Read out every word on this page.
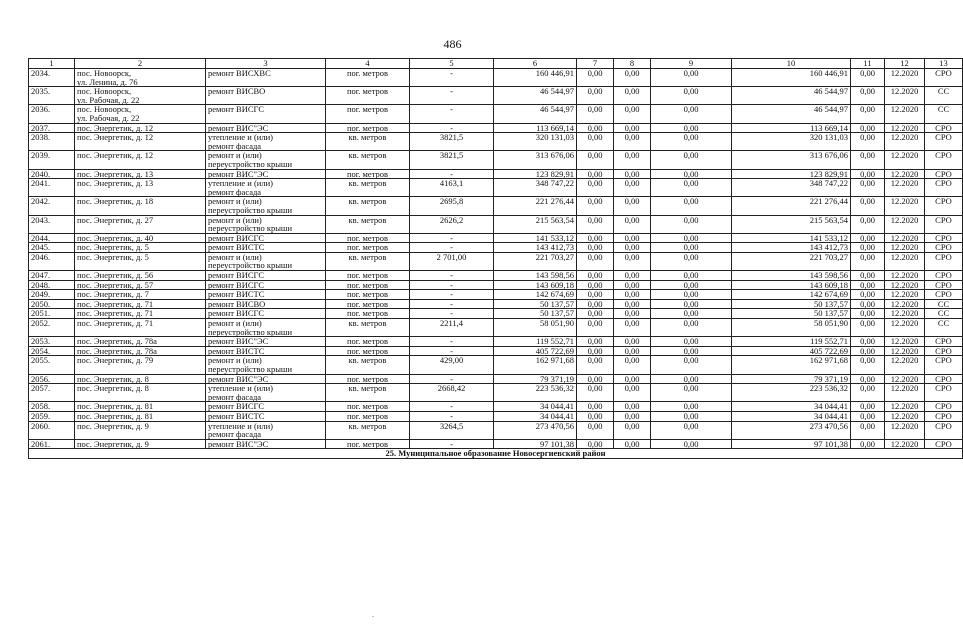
486
1	2	3	4	5	6	7	8	9	10	11	12	13
2034.	пос. Новоорск,
ул. Ленина, д. 76	ремонт ВИСХВС	пог. метров	-	160 446,91	0,00	0,00	0,00	160 446,91	0,00	12.2020	СРО
2035.	пос. Новоорск,
ул. Рабочая, д. 22	ремонт ВИСВО	пог. метров	-	46 544,97	0,00	0,00	0,00	46 544,97	0,00	12.2020	СС
2036.	пос. Новоорск,
ул. Рабочая, д. 22	ремонт ВИСГС	пог. метров	-	46 544,97	0,00	0,00	0,00	46 544,97	0,00	12.2020	СС
2037.	пос. Энергетик, д. 12	ремонт ВИС"ЭС	пог. метров	-	113 669,14	0,00	0,00	0,00	113 669,14	0,00	12.2020	СРО
2038.	пос. Энергетик, д. 12	утепление и (или)
ремонт фасада	кв. метров	3821,5	320 131,03	0,00	0,00	0,00	320 131,03	0,00	12.2020	СРО
2039.	пос. Энергетик, д. 12	ремонт и (или)
переустройство крыши	кв. метров	3821,5	313 676,06	0,00	0,00	0,00	313 676,06	0,00	12.2020	СРО
2040.	пос. Энергетик, д. 13	ремонт ВИС"ЭС	пог. метров	-	123 829,91	0,00	0,00	0,00	123 829,91	0,00	12.2020	СРО
2041.	пос. Энергетик, д. 13	утепление и (или)
ремонт фасада	кв. метров	4163,1	348 747,22	0,00	0,00	0,00	348 747,22	0,00	12.2020	СРО
2042.	пос. Энергетик, д. 18	ремонт и (или)
переустройство крыши	кв. метров	2695,8	221 276,44	0,00	0,00	0,00	221 276,44	0,00	12.2020	СРО
2043.	пос. Энергетик, д. 27	ремонт и (или)
переустройство крыши	кв. метров	2626,2	215 563,54	0,00	0,00	0,00	215 563,54	0,00	12.2020	СРО
2044.	пос. Энергетик, д. 40	ремонт ВИСГС	пог. метров	-	141 533,12	0,00	0,00	0,00	141 533,12	0,00	12.2020	СРО
2045.	пос. Энергетик, д. 5	ремонт ВИСТС	пог. метров	-	143 412,73	0,00	0,00	0,00	143 412,73	0,00	12.2020	СРО
2046.	пос. Энергетик, д. 5	ремонт и (или)
переустройство крыши	кв. метров	2 701,00	221 703,27	0,00	0,00	0,00	221 703,27	0,00	12.2020	СРО
2047.	пос. Энергетик, д. 56	ремонт ВИСГС	пог. метров	-	143 598,56	0,00	0,00	0,00	143 598,56	0,00	12.2020	СРО
2048.	пос. Энергетик, д. 57	ремонт ВИСГС	пог. метров	-	143 609,18	0,00	0,00	0,00	143 609,18	0,00	12.2020	СРО
2049.	пос. Энергетик, д. 7	ремонт ВИСТС	пог. метров	-	142 674,69	0,00	0,00	0,00	142 674,69	0,00	12.2020	СРО
2050.	пос. Энергетик, д. 71	ремонт ВИСВО	пог. метров	-	50 137,57	0,00	0,00	0,00	50 137,57	0,00	12.2020	СС
2051.	пос. Энергетик, д. 71	ремонт ВИСГС	пог. метров	-	50 137,57	0,00	0,00	0,00	50 137,57	0,00	12.2020	СС
2052.	пос. Энергетик, д. 71	ремонт и (или)
переустройство крыши	кв. метров	2211,4	58 051,90	0,00	0,00	0,00	58 051,90	0,00	12.2020	СС
2053.	пос. Энергетик, д. 78а	ремонт ВИС"ЭС	пог. метров	-	119 552,71	0,00	0,00	0,00	119 552,71	0,00	12.2020	СРО
2054.	пос. Энергетик, д. 78а	ремонт ВИСТС	пог. метров	-	405 722,69	0,00	0,00	0,00	405 722,69	0,00	12.2020	СРО
2055.	пос. Энергетик, д. 79	ремонт и (или)
переустройство крыши	кв. метров	429,00	162 971,68	0,00	0,00	0,00	162 971,68	0,00	12.2020	СРО
2056.	пос. Энергетик, д. 8	ремонт ВИС"ЭС	пог. метров	-	79 371,19	0,00	0,00	0,00	79 371,19	0,00	12.2020	СРО
2057.	пос. Энергетик, д. 8	утепление и (или)
ремонт фасада	кв. метров	2668,42	223 536,32	0,00	0,00	0,00	223 536,32	0,00	12.2020	СРО
2058.	пос. Энергетик, д. 81	ремонт ВИСГС	пог. метров	-	34 044,41	0,00	0,00	0,00	34 044,41	0,00	12.2020	СРО
2059.	пос. Энергетик, д. 81	ремонт ВИСТС	пог. метров	-	34 044,41	0,00	0,00	0,00	34 044,41	0,00	12.2020	СРО
2060.	пос. Энергетик, д. 9	утепление и (или)
ремонт фасада	кв. метров	3264,5	273 470,56	0,00	0,00	0,00	273 470,56	0,00	12.2020	СРО
2061.	пос. Энергетик, д. 9	ремонт ВИС"ЭС	пог. метров	-	97 101,38	0,00	0,00	0,00	97 101,38	0,00	12.2020	СРО
25. Муниципальное образование Новосергиевский район												
.
